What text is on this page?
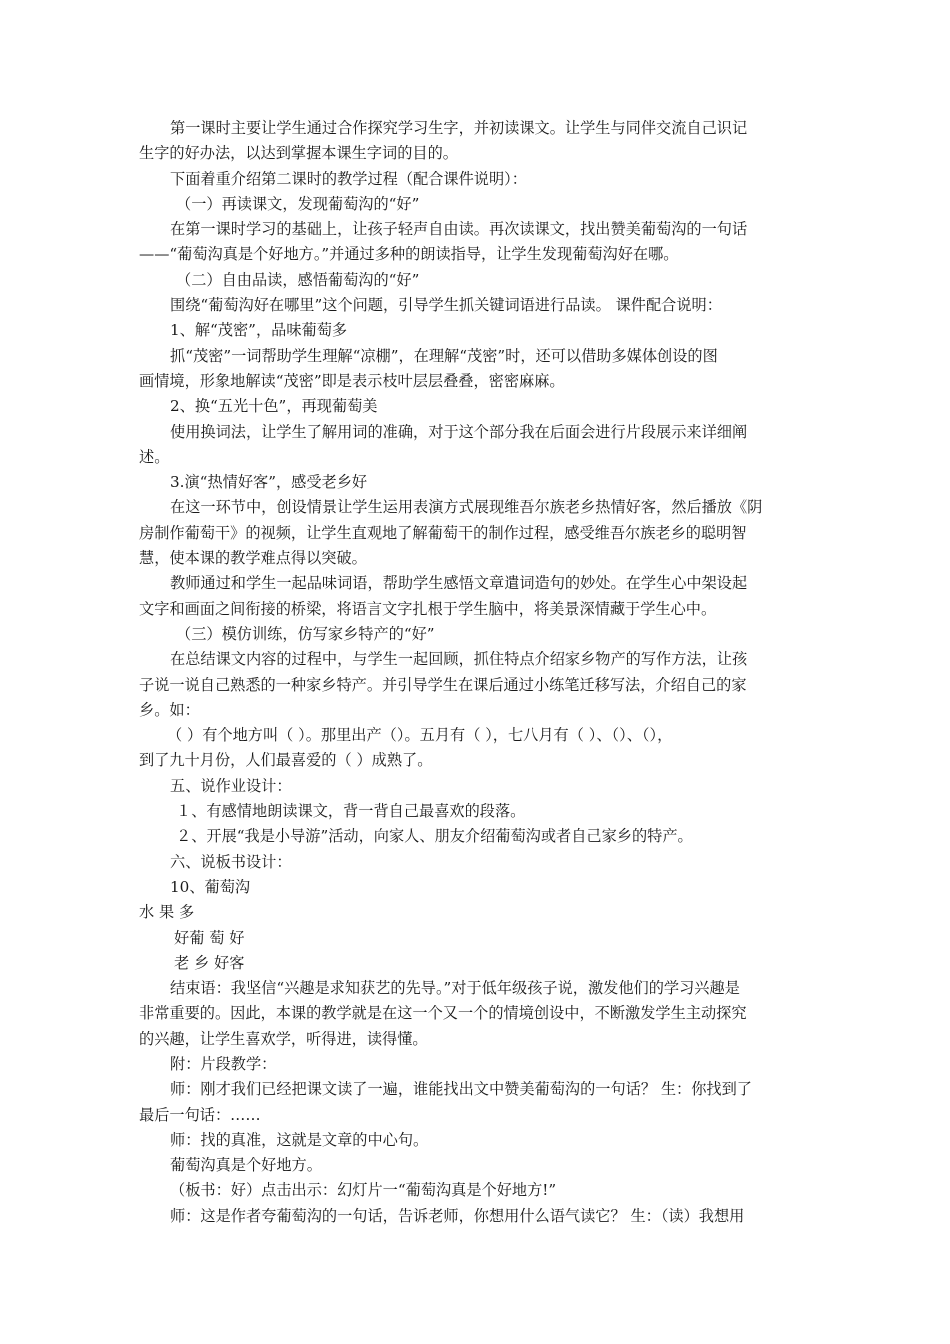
第一课时主要让学生通过合作探究学习生字，并初读课文。让学生与同伴交流自己识记
生字的好办法，以达到掌握本课生字词的目的。
下面着重介绍第二课时的教学过程（配合课件说明）：
（一）再读课文，发现葡萄沟的“好”
在第一课时学习的基础上，让孩子轻声自由读。再次读课文，找出赞美葡萄沟的一句话
——“葡萄沟真是个好地方。”并通过多种的朗读指导，让学生发现葡萄沟好在哪。
（二）自由品读，感悟葡萄沟的“好”
围绕“葡萄沟好在哪里”这个问题，引导学生抓关键词语进行品读。 课件配合说明：
1、解“茂密”，品味葡萄多
抓“茂密”一词帮助学生理解“凉棚”，在理解“茂密”时，还可以借助多媒体创设的图
画情境，形象地解读“茂密”即是表示枝叶层层叠叠，密密麻麻。
2、换“五光十色”，再现葡萄美
使用换词法，让学生了解用词的准确，对于这个部分我在后面会进行片段展示来详细阐
述。
3.演“热情好客”，感受老乡好
在这一环节中，创设情景让学生运用表演方式展现维吾尔族老乡热情好客，然后播放《阴
房制作葡萄干》的视频，让学生直观地了解葡萄干的制作过程，感受维吾尔族老乡的聪明智
慧，使本课的教学难点得以突破。
教师通过和学生一起品味词语，帮助学生感悟文章遣词造句的妙处。在学生心中架设起
文字和画面之间衔接的桥梁，将语言文字扎根于学生脑中，将美景深情藏于学生心中。
（三）模仿训练，仿写家乡特产的“好”
在总结课文内容的过程中，与学生一起回顾，抓住特点介绍家乡物产的写作方法，让孩
子说一说自己熟悉的一种家乡特产。并引导学生在课后通过小练笔迁移写法，介绍自己的家
乡。如：
（ ）有个地方叫（ ）。那里出产（）。五月有（ ），七八月有（ ）、（）、（），
到了九十月份，人们最喜爱的（ ）成熟了。
五、说作业设计：
１、有感情地朗读课文，背一背自己最喜欢的段落。
２、开展“我是小导游”活动，向家人、朋友介绍葡萄沟或者自己家乡的特产。
六、说板书设计：
10、葡萄沟
水 果 多
好葡 萄 好
老 乡 好客
结束语：我坚信“兴趣是求知获艺的先导。”对于低年级孩子说，激发他们的学习兴趣是
非常重要的。因此，本课的教学就是在这一个又一个的情境创设中，不断激发学生主动探究
的兴趣，让学生喜欢学，听得进，读得懂。
附：片段教学：
师：刚才我们已经把课文读了一遍，谁能找出文中赞美葡萄沟的一句话？ 生：你找到了
最后一句话：……
师：找的真准，这就是文章的中心句。
葡萄沟真是个好地方。
（板书：好）点击出示：幻灯片一“葡萄沟真是个好地方!”
师：这是作者夸葡萄沟的一句话，告诉老师，你想用什么语气读它？ 生：（读）我想用
